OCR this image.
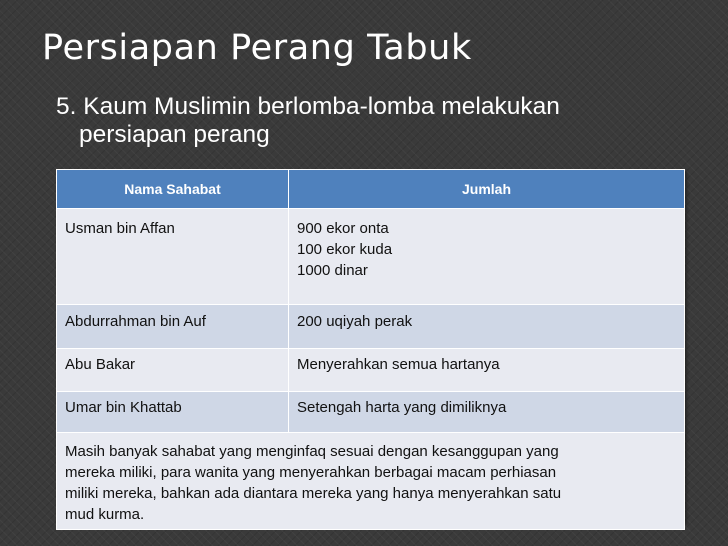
Persiapan Perang Tabuk
5. Kaum Muslimin berlomba-lomba melakukan
persiapan perang
Nama Sahabat	Jumlah
Usman bin Affan	900 ekor onta
100 ekor kuda
1000 dinar

Abdurrahman bin Auf	200 uqiyah perak
Abu Bakar	Menyerahkan semua hartanya
Umar bin Khattab	Setengah harta yang dimiliknya

Masih banyak sahabat yang menginfaq sesuai dengan kesanggupan yang
mereka miliki, para wanita yang menyerahkan berbagai macam perhiasan
miliki mereka, bahkan ada diantara mereka yang hanya menyerahkan satu
mud kurma.	
